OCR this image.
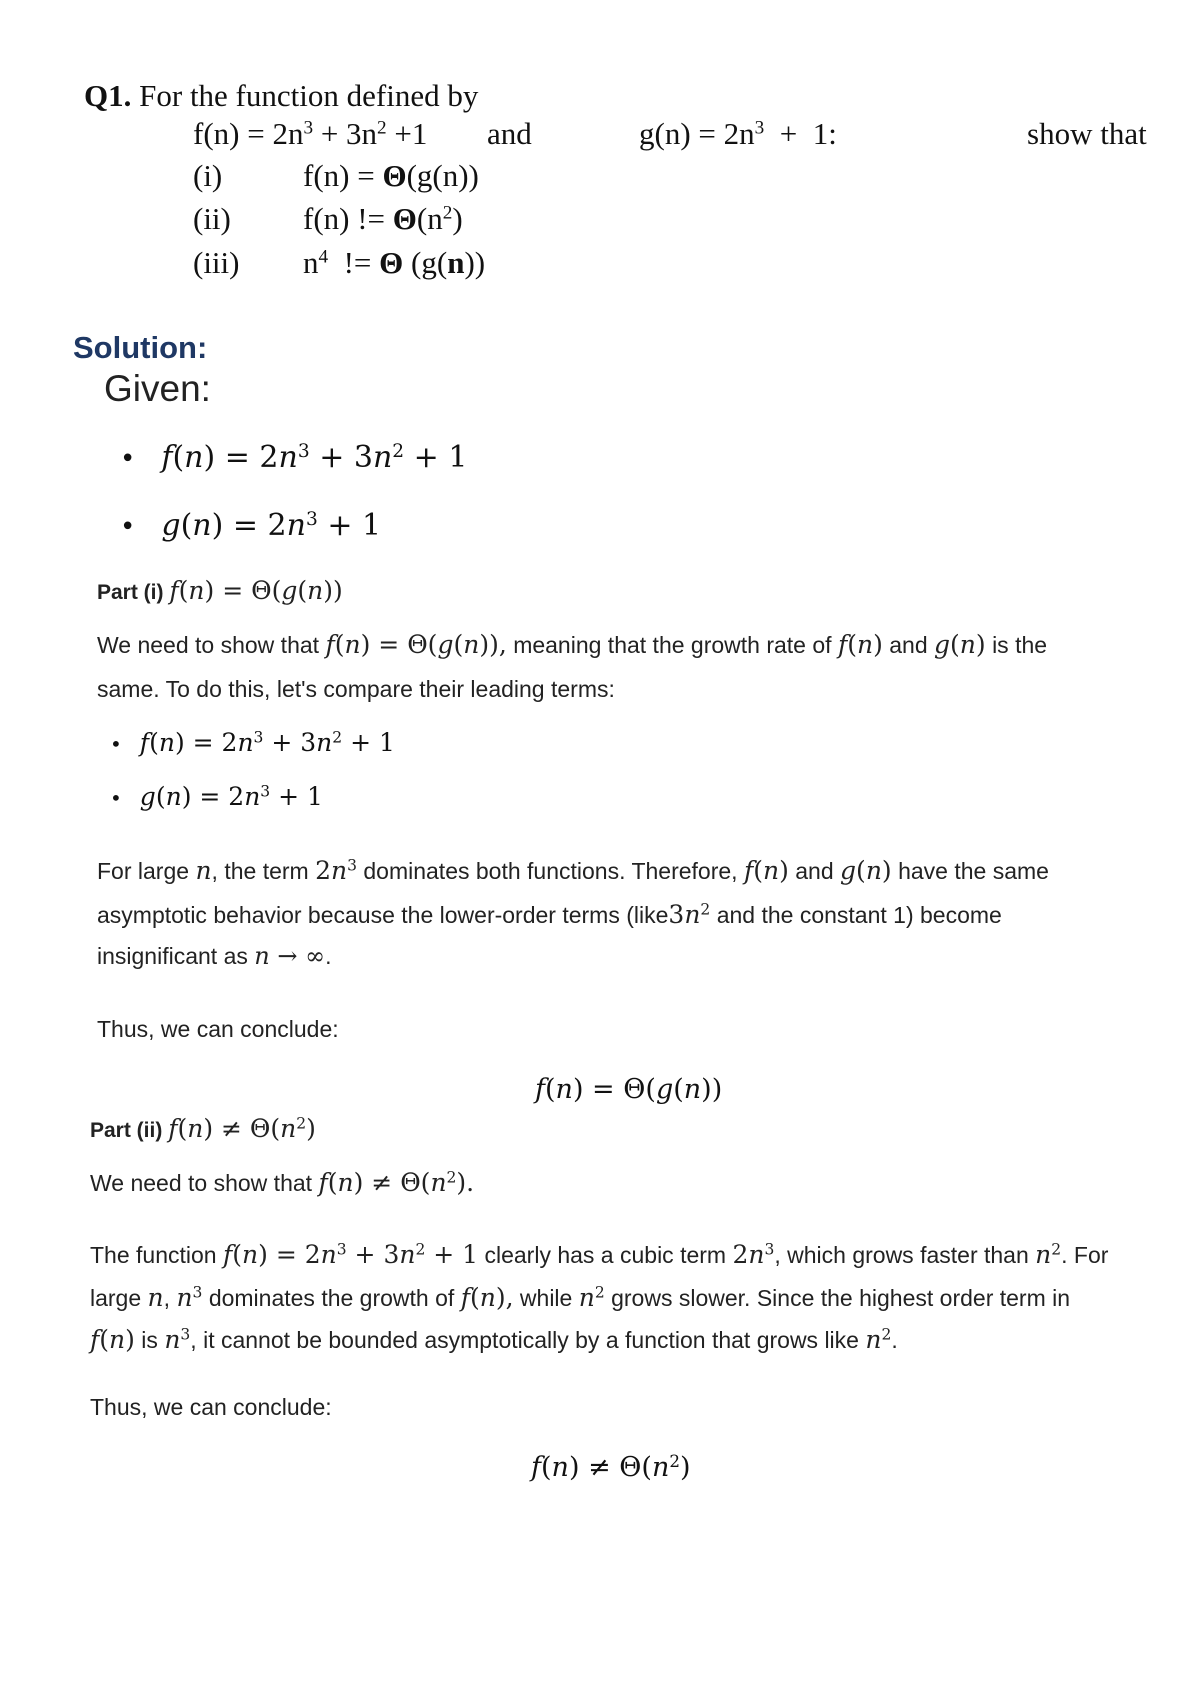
Q1. For the function defined by
$f(n) = 2n^3 + 3n^2 +1$ and	$g(n) = 2n^3 + 1$:	show that
(i)	f(n) = Θ(g(n))
(ii) f(n) != $\Theta(n^2)$
(iii) $n^4$  != Θ (g(n))
Solution:
Given:
• $f(n) = 2n^3 + 3n^2 + 1$
• $g(n) = 2n^3 + 1$
Part (i) f(n) = Θ(g(n))
We need to show that f(n) = Θ(g(n)), meaning that the growth rate of f(n) and g(n) is the
same. To do this, let's compare their leading terms:
• $f(n) = 2n^3 + 3n^2 + 1$
• $g(n) = 2n^3 + 1$
For large n, the term $2n^3$ dominates both functions. Therefore, f(n) and g(n) have the same
asymptotic behavior because the lower-order terms ($like3n^2$ and the constant 1) become
insignificant as n → ∞.
Thus, we can conclude:
f(n) = Θ(g(n))
Part (ii) $f(n) \ne \Theta(n^2)$
We need to show that $f(n) \ne \Theta(n^2)$.
The function $f(n) = 2n^3 + 3n^2 + 1$ clearly has a cubic term $2n^3$, which grows faster than $n^2$. For
large n, $n^3$ dominates the growth of f(n), while $n^2$ grows slower. Since the highest order term in
f(n) is $n^3$, it cannot be bounded asymptotically by a function that grows like $n^2$.
Thus, we can conclude:
$f(n) \ne \Theta(n^2)$
